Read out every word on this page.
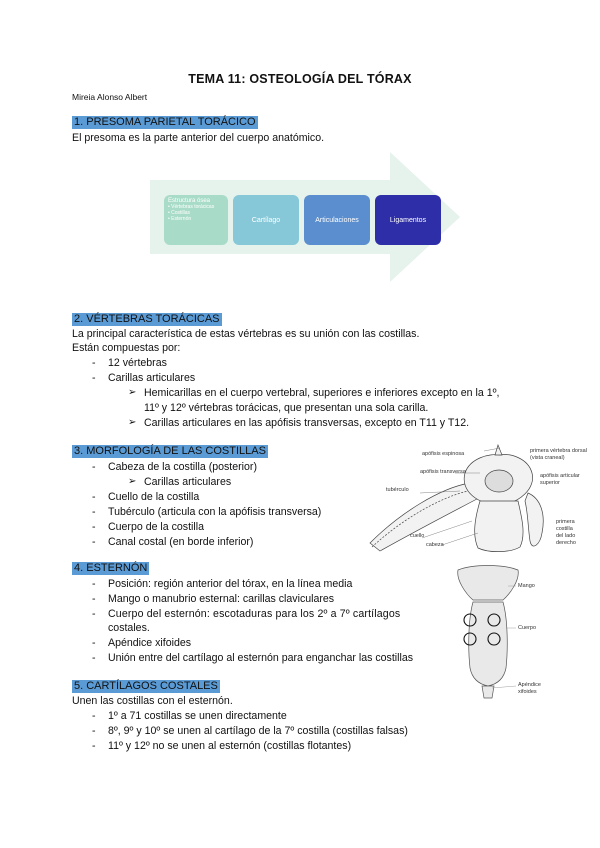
TEMA 11: OSTEOLOGÍA DEL TÓRAX
Mireia Alonso Albert
1. PRESOMA PARIETAL TORÁCICO
El presoma es la parte anterior del cuerpo anatómico.
Estructura ósea
• Vértebras torácicas
• Costillas
• Esternón	Cartílago	Articulaciones	Ligamentos
2. VÉRTEBRAS TORÁCICAS
La principal característica de estas vértebras es su unión con las costillas.
Están compuestas por:
- 12 vértebras
- Carillas articulares
➢ Hemicarillas en el cuerpo vertebral, superiores e inferiores excepto en la 1º,
11º y 12º vértebras torácicas, que presentan una sola carilla.
➢ Carillas articulares en las apófisis transversas, excepto en T11 y T12.
3. MORFOLOGÍA DE LAS COSTILLAS
- Cabeza de la costilla (posterior)
➢ Carillas articulares
- Cuello de la costilla
- Tubérculo (articula con la apófisis transversa)
- Cuerpo de la costilla
- Canal costal (en borde inferior)
apófisis espinosa	primera vértebra dorsal
(vista craneal)
apófisis transversa
apófisis articular
superior
tubérculo
cuello
cabeza
primera
costilla
del lado
derecho
4. ESTERNÓN
- Posición: región anterior del tórax, en la línea media
- Mango o manubrio esternal: carillas claviculares
- Cuerpo del esternón: escotaduras para los 2º a 7º cartílagos
costales.
- Apéndice xifoides
- Unión entre del cartílago al esternón para enganchar las costillas
Mango
Cuerpo
Apéndice
xifoides
5. CARTÍLAGOS COSTALES
Unen las costillas con el esternón.
- 1º a 71 costillas se unen directamente
- 8º, 9º y 10º se unen al cartílago de la 7º costilla (costillas falsas)
- 11º y 12º no se unen al esternón (costillas flotantes)
